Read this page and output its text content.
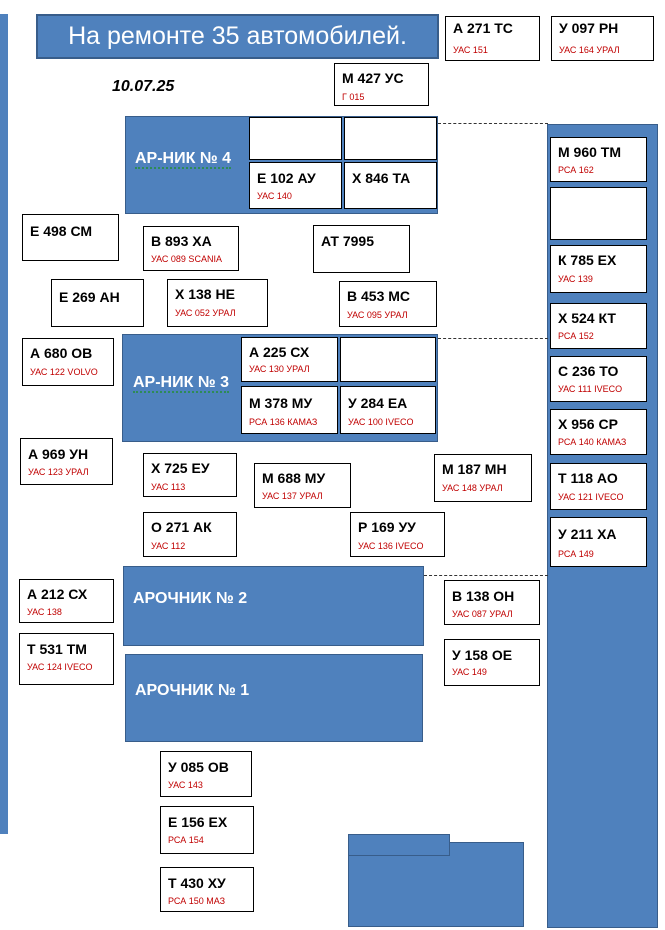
На ремонте 35 автомобилей.
10.07.25
АР-НИК № 4
АР-НИК № 3
АРОЧНИК № 2
АРОЧНИК № 1
А 271 ТС
УАС 151
У 097 РН
УАС 164 УРАЛ
М 427 УС
Г 015
Е 102 АУ
УАС 140
Х 846 ТА
М 960 ТМ
РСА 162
Е 498 СМ
В 893 ХА
УАС 089 SCANIA
АТ 7995
К 785 ЕХ
УАС 139
Е 269 АН	Х 138 НЕ
УАС 052 УРАЛ
В 453 МС
УАС 095 УРАЛ	Х 524 КТ
РСА 152
А 680 ОВ
УАС 122 VOLVO
А 225 СХ
УАС 130 УРАЛ	С 236 ТО
УАС 111 IVECO
М 378 МУ
РСА 136 КАМАЗ
У 284 ЕА
УАС 100 IVECO	Х 956 СР
РСА 140 КАМАЗ
А 969 УН
УАС 123 УРАЛ	Х 725 ЕУ
УАС 113
М 688 МУ
УАС 137 УРАЛ
М 187 МН
УАС 148 УРАЛ
Т 118 АО
УАС 121 IVECO
О 271 АК
УАС 112
Р 169 УУ
УАС 136 IVECO
У 211 ХА
РСА 149
А 212 СХ
УАС 138
В 138 ОН
УАС 087 УРАЛ
Т 531 ТМ
УАС 124 IVECO
У 158 ОЕ
УАС 149
У 085 ОВ
УАС 143
Е 156 ЕХ
РСА 154
Т 430 ХУ
РСА 150 МАЗ
